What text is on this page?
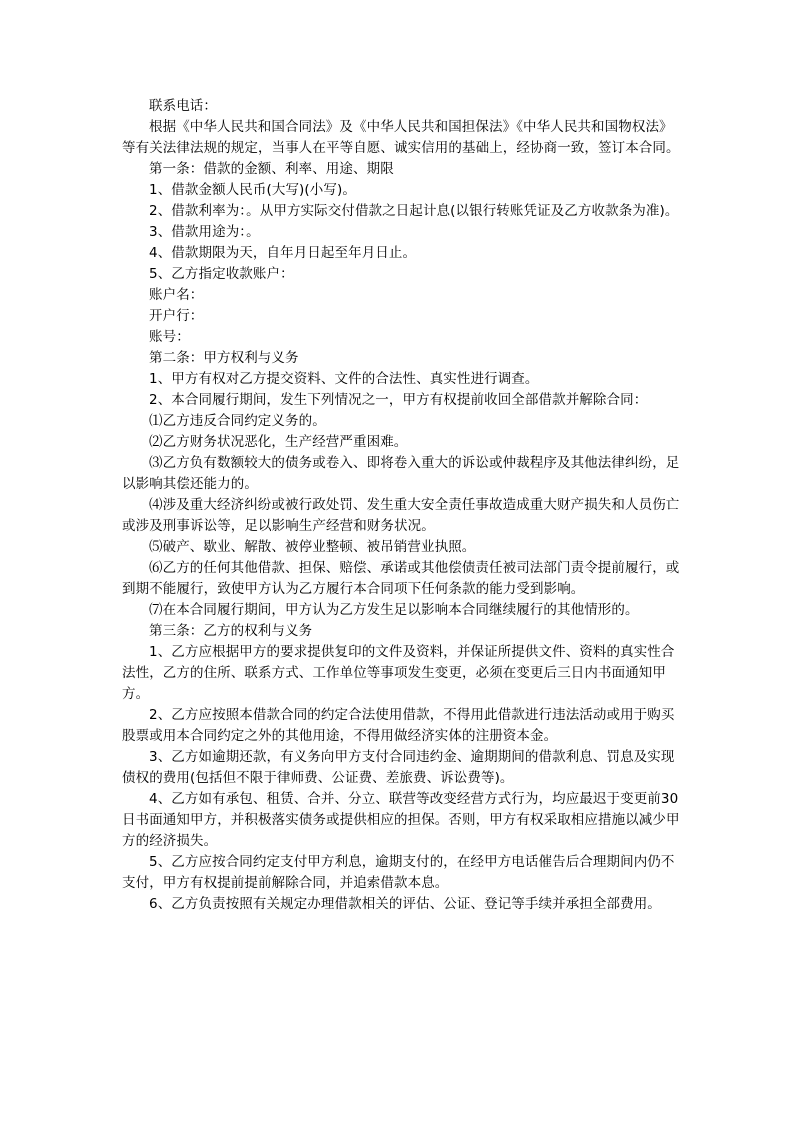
联系电话：

根据《中华人民共和国合同法》及《中华人民共和国担保法》《中华人民共和国物权法》等有关法律法规的规定，当事人在平等自愿、诚实信用的基础上，经协商一致，签订本合同。

第一条：借款的金额、利率、用途、期限

1、借款金额人民币(大写)(小写)。

2、借款利率为：。从甲方实际交付借款之日起计息(以银行转账凭证及乙方收款条为准)。

3、借款用途为：。

4、借款期限为天，自年月日起至年月日止。

5、乙方指定收款账户：

账户名：

开户行：

账号：

第二条：甲方权利与义务

1、甲方有权对乙方提交资料、文件的合法性、真实性进行调查。

2、本合同履行期间，发生下列情况之一，甲方有权提前收回全部借款并解除合同：

⑴乙方违反合同约定义务的。

⑵乙方财务状况恶化，生产经营严重困难。

⑶乙方负有数额较大的债务或卷入、即将卷入重大的诉讼或仲裁程序及其他法律纠纷，足以影响其偿还能力的。

⑷涉及重大经济纠纷或被行政处罚、发生重大安全责任事故造成重大财产损失和人员伤亡或涉及刑事诉讼等，足以影响生产经营和财务状况。

⑸破产、歇业、解散、被停业整顿、被吊销营业执照。

⑹乙方的任何其他借款、担保、赔偿、承诺或其他偿债责任被司法部门责令提前履行，或到期不能履行，致使甲方认为乙方履行本合同项下任何条款的能力受到影响。

⑺在本合同履行期间，甲方认为乙方发生足以影响本合同继续履行的其他情形的。

第三条：乙方的权利与义务

1、乙方应根据甲方的要求提供复印的文件及资料，并保证所提供文件、资料的真实性合法性，乙方的住所、联系方式、工作单位等事项发生变更，必须在变更后三日内书面通知甲方。

2、乙方应按照本借款合同的约定合法使用借款，不得用此借款进行违法活动或用于购买股票或用本合同约定之外的其他用途，不得用做经济实体的注册资本金。

3、乙方如逾期还款，有义务向甲方支付合同违约金、逾期期间的借款利息、罚息及实现债权的费用(包括但不限于律师费、公证费、差旅费、诉讼费等)。

4、乙方如有承包、租赁、合并、分立、联营等改变经营方式行为，均应最迟于变更前30日书面通知甲方，并积极落实债务或提供相应的担保。否则，甲方有权采取相应措施以减少甲方的经济损失。

5、乙方应按合同约定支付甲方利息，逾期支付的，在经甲方电话催告后合理期间内仍不支付，甲方有权提前提前解除合同，并追索借款本息。

6、乙方负责按照有关规定办理借款相关的评估、公证、登记等手续并承担全部费用。
